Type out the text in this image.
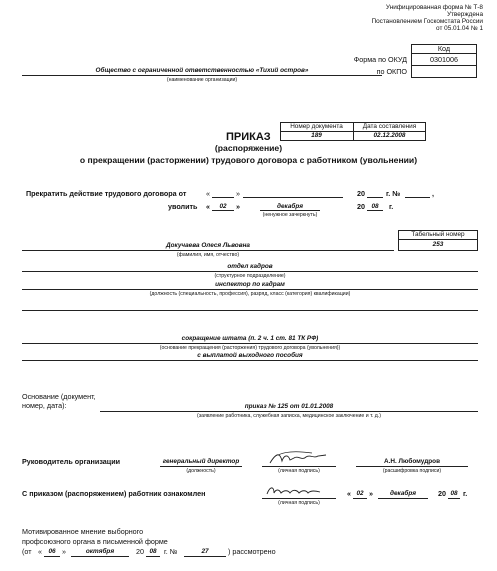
Унифицированная форма № Т-8
Утверждена
Постановлением Госкомстата России
от 05.01.04 № 1
Код
0301006
Форма по ОКУД
по ОКПО
Общество с ограниченной ответственностью «Тихий остров»
(наименование организации)
Номер документа	Дата составления
189	02.12.2008
ПРИКАЗ
(распоряжение)
о прекращении (расторжении) трудового договора с работником (увольнении)
Прекратить действие трудового договора от	«	»	20	г. №	,
уволить «	02	»	декабря
(ненужное зачеркнуть)
20	08	г.
Табельный номер
253
Докучаева Олеся Львовна
(фамилия, имя, отчество)
отдел кадров
(структурное подразделение)
инспектор по кадрам
(должность (специальность, профессия), разряд, класс (категория) квалификации)
сокращение штата (п. 2 ч. 1 ст. 81 ТК РФ)
(основание прекращения (расторжения) трудового договора (увольнения))
с выплатой выходного пособия
Основание (документ,
номер, дата):	приказ № 125 от 01.01.2008
(заявление работника, служебная записка, медицинское заключение и т. д.)
Руководитель организации	генеральный директор
(должность)	(личная подпись)
А.Н. Любомудров
(расшифровка подписи)
С приказом (распоряжением) работник ознакомлен
(личная подпись)
« 02 »	декабря	20 08 г.
Мотивированное мнение выборного
профсоюзного органа в письменной форме
(от «	06 »	октября	20 08	г. №	27	) рассмотрено
